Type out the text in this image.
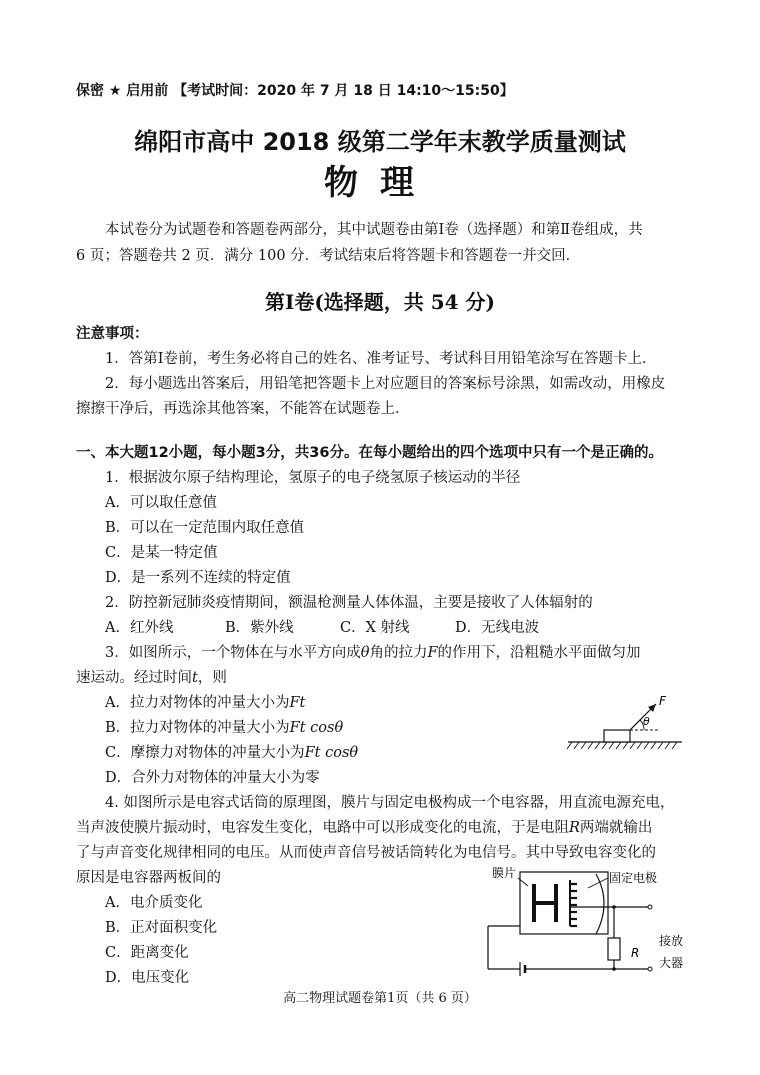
保密 ★ 启用前 【考试时间：2020 年 7 月 18 日 14:10～15:50】
绵阳市高中 2018 级第二学年末教学质量测试
物理
本试卷分为试题卷和答题卷两部分，其中试题卷由第Ⅰ卷（选择题）和第Ⅱ卷组成，共
6 页；答题卷共 2 页．满分 100 分．考试结束后将答题卡和答题卷一并交回．
第Ⅰ卷(选择题，共 54 分)
注意事项：
1．答第Ⅰ卷前，考生务必将自己的姓名、准考证号、考试科目用铅笔涂写在答题卡上．
2．每小题选出答案后，用铅笔把答题卡上对应题目的答案标号涂黑，如需改动，用橡皮
擦擦干净后，再选涂其他答案，不能答在试题卷上．
一、本大题12小题，每小题3分，共36分。在每小题给出的四个选项中只有一个是正确的。
1．根据波尔原子结构理论，氢原子的电子绕氢原子核运动的半径
A．可以取任意值
B．可以在一定范围内取任意值
C．是某一特定值
D．是一系列不连续的特定值
2．防控新冠肺炎疫情期间，额温枪测量人体体温，主要是接收了人体辐射的
A．红外线	B．紫外线	C．X 射线	D．无线电波
3．如图所示，一个物体在与水平方向成θ角的拉力F的作用下，沿粗糙水平面做匀加
速运动。经过时间t，则
A．拉力对物体的冲量大小为Ft
B．拉力对物体的冲量大小为Ft cosθ
C．摩擦力对物体的冲量大小为Ft cosθ
D．合外力对物体的冲量大小为零
F
θ
4. 如图所示是电容式话筒的原理图，膜片与固定电极构成一个电容器，用直流电源充电，
当声波使膜片振动时，电容发生变化，电路中可以形成变化的电流，于是电阻R两端就输出
了与声音变化规律相同的电压。从而使声音信号被话筒转化为电信号。其中导致电容变化的
原因是电容器两板间的
A．电介质变化
B．正对面积变化
C．距离变化
D．电压变化
膜片	固定电极
R
接放
大器
高二物理试题卷第1页（共 6 页）
